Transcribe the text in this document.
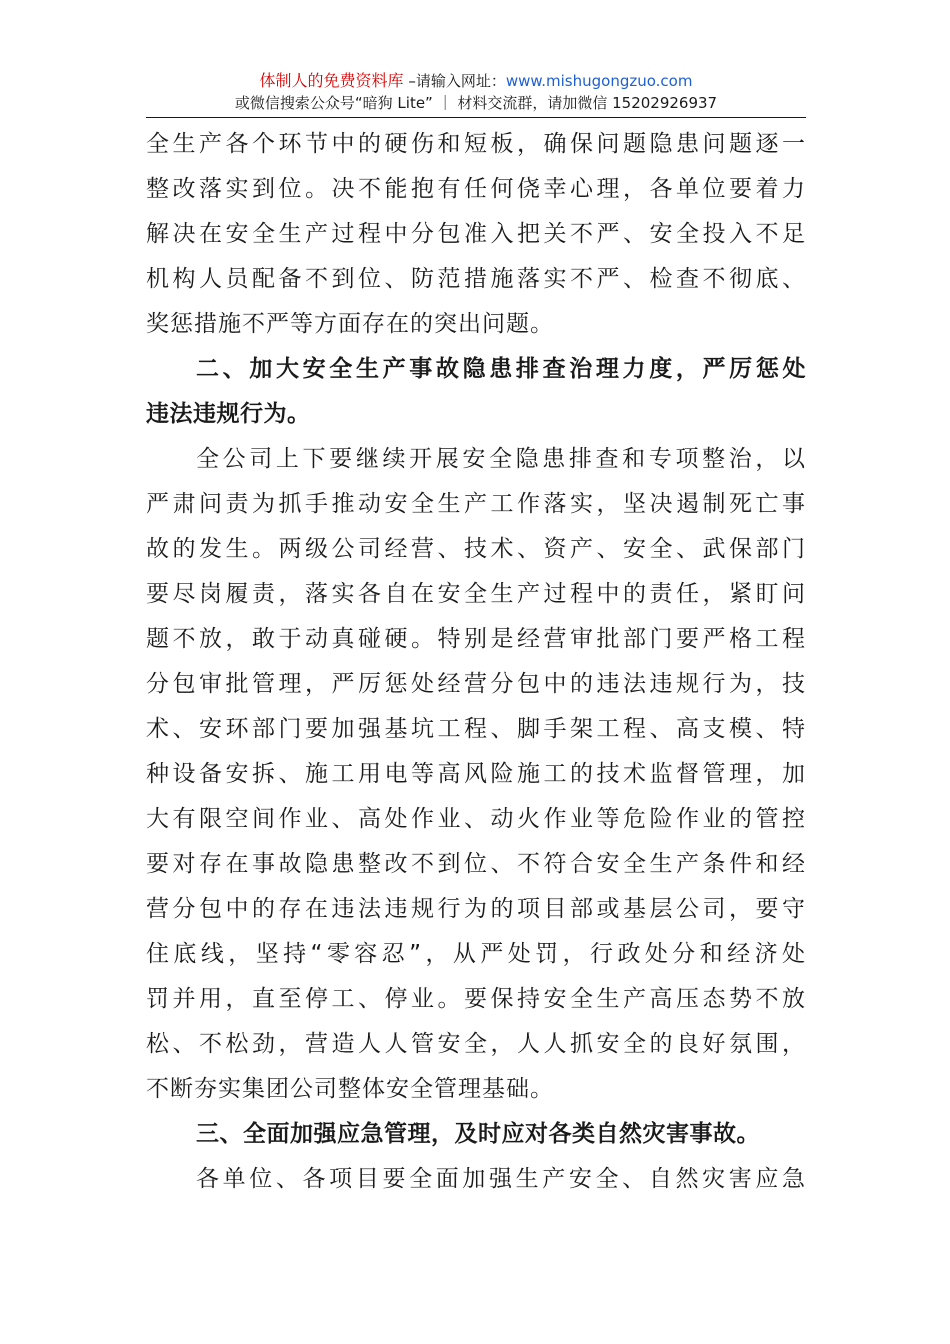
体制人的免费资料库 –请输入网址：www.mishugongzuo.com
或微信搜索公众号“暗狗 Lite” ｜ 材料交流群，请加微信 15202926937
全生产各个环节中的硬伤和短板，确保问题隐患问题逐一
整改落实到位。决不能抱有任何侥幸心理，各单位要着力
解决在安全生产过程中分包准入把关不严、安全投入不足
机构人员配备不到位、防范措施落实不严、检查不彻底、
奖惩措施不严等方面存在的突出问题。
二、加大安全生产事故隐患排查治理力度，严厉惩处
违法违规行为。
全公司上下要继续开展安全隐患排查和专项整治，以
严肃问责为抓手推动安全生产工作落实，坚决遏制死亡事
故的发生。两级公司经营、技术、资产、安全、武保部门
要尽岗履责，落实各自在安全生产过程中的责任，紧盯问
题不放，敢于动真碰硬。特别是经营审批部门要严格工程
分包审批管理，严厉惩处经营分包中的违法违规行为，技
术、安环部门要加强基坑工程、脚手架工程、高支模、特
种设备安拆、施工用电等高风险施工的技术监督管理，加
大有限空间作业、高处作业、动火作业等危险作业的管控
要对存在事故隐患整改不到位、不符合安全生产条件和经
营分包中的存在违法违规行为的项目部或基层公司，要守
住底线，坚持“零容忍”，从严处罚，行政处分和经济处
罚并用，直至停工、停业。要保持安全生产高压态势不放
松、不松劲，营造人人管安全，人人抓安全的良好氛围，
不断夯实集团公司整体安全管理基础。
三、全面加强应急管理，及时应对各类自然灾害事故。
各单位、各项目要全面加强生产安全、自然灾害应急
